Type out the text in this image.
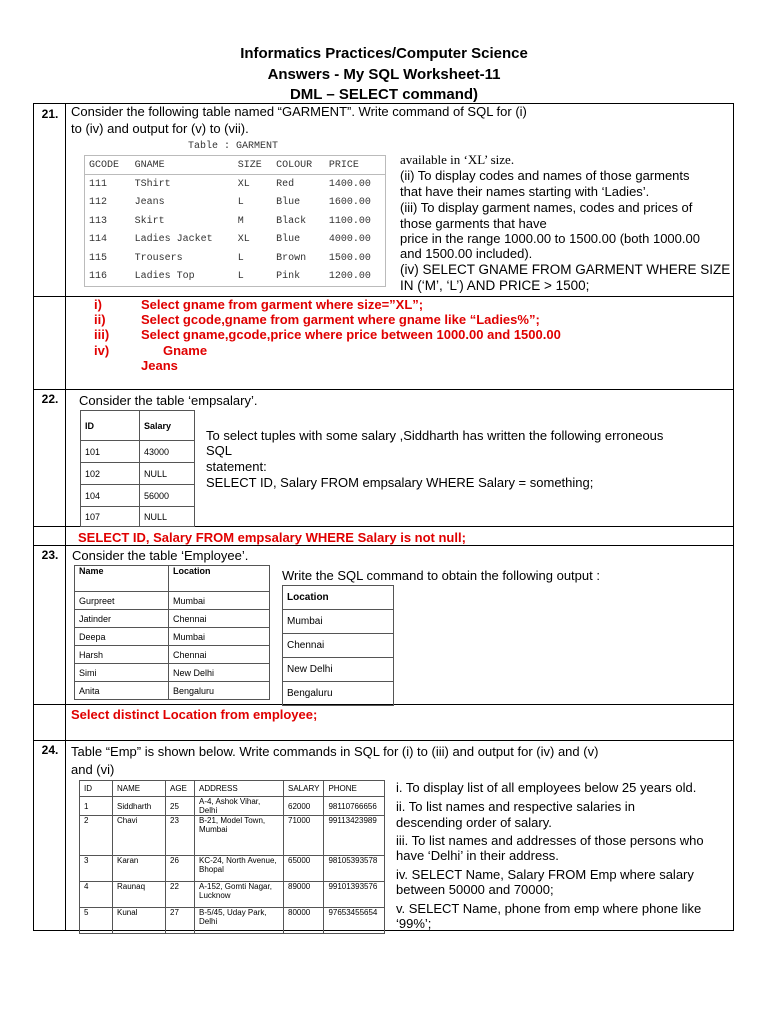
Informatics Practices/Computer Science
Answers - My SQL Worksheet-11
DML – SELECT command)
21. Consider the following table named “GARMENT”. Write command of SQL for (i)
to (iv) and output for (v) to (vii).
Table : GARMENT
GCODE	GNAME	SIZE	COLOUR	PRICE
111	TShirt	XL	Red	1400.00
112	Jeans	L	Blue	1600.00
113	Skirt	M	Black	1100.00
114	Ladies Jacket	XL	Blue	4000.00
115	Trousers	L	Brown	1500.00
116	Ladies Top	L	Pink	1200.00
available in ‘XL’ size.
(ii) To display codes and names of those garments
that have their names starting with ‘Ladies’.
(iii) To display garment names, codes and prices of
those garments that have
price in the range 1000.00 to 1500.00 (both 1000.00
and 1500.00 included).
(iv) SELECT GNAME FROM GARMENT WHERE SIZE
IN (‘M’, ‘L’) AND PRICE > 1500;
i)	Select gname from garment where size=”XL”;
ii)	Select gcode,gname from garment where gname like “Ladies%”;
iii) Select gname,gcode,price where price between 1000.00 and 1500.00
iv)	Gname
Jeans
22.	Consider the table ‘empsalary’.
ID	Salary
101	43000
102	NULL
104	56000
107	NULL
To select tuples with some salary ,Siddharth has written the following erroneous
SQL
statement:
SELECT ID, Salary FROM empsalary WHERE Salary = something;
SELECT ID, Salary FROM empsalary WHERE Salary is not null;
23.	Consider the table ‘Employee’.
Name	Location
Gurpreet	Mumbai
Jatinder	Chennai
Deepa	Mumbai
Harsh	Chennai
Simi	New Delhi
Anita	Bengaluru
Write the SQL command to obtain the following output :
Location
Mumbai
Chennai
New Delhi
Bengaluru
Select distinct Location from employee;
24. Table “Emp” is shown below. Write commands in SQL for (i) to (iii) and output for (iv) and (v)
and (vi)
ID	NAME	AGE	ADDRESS	SALARY	PHONE
1	Siddharth	25	A-4, Ashok Vihar, Delhi	62000	98110766656
2	Chavi	23	B-21, Model Town, Mumbai	71000	99113423989
3	Karan	26	KC-24, North Avenue, Bhopal	65000	98105393578
4	Raunaq	22	A-152, Gomti Nagar, Lucknow	89000	99101393576
5	Kunal	27	B-5/45, Uday Park, Delhi	80000	97653455654
i. To display list of all employees below 25 years old.
ii. To list names and respective salaries in
descending order of salary.
iii. To list names and addresses of those persons who
have ‘Delhi’ in their address.
iv. SELECT Name, Salary FROM Emp where salary
between 50000 and 70000;
v. SELECT Name, phone from emp where phone like
‘99%’;
